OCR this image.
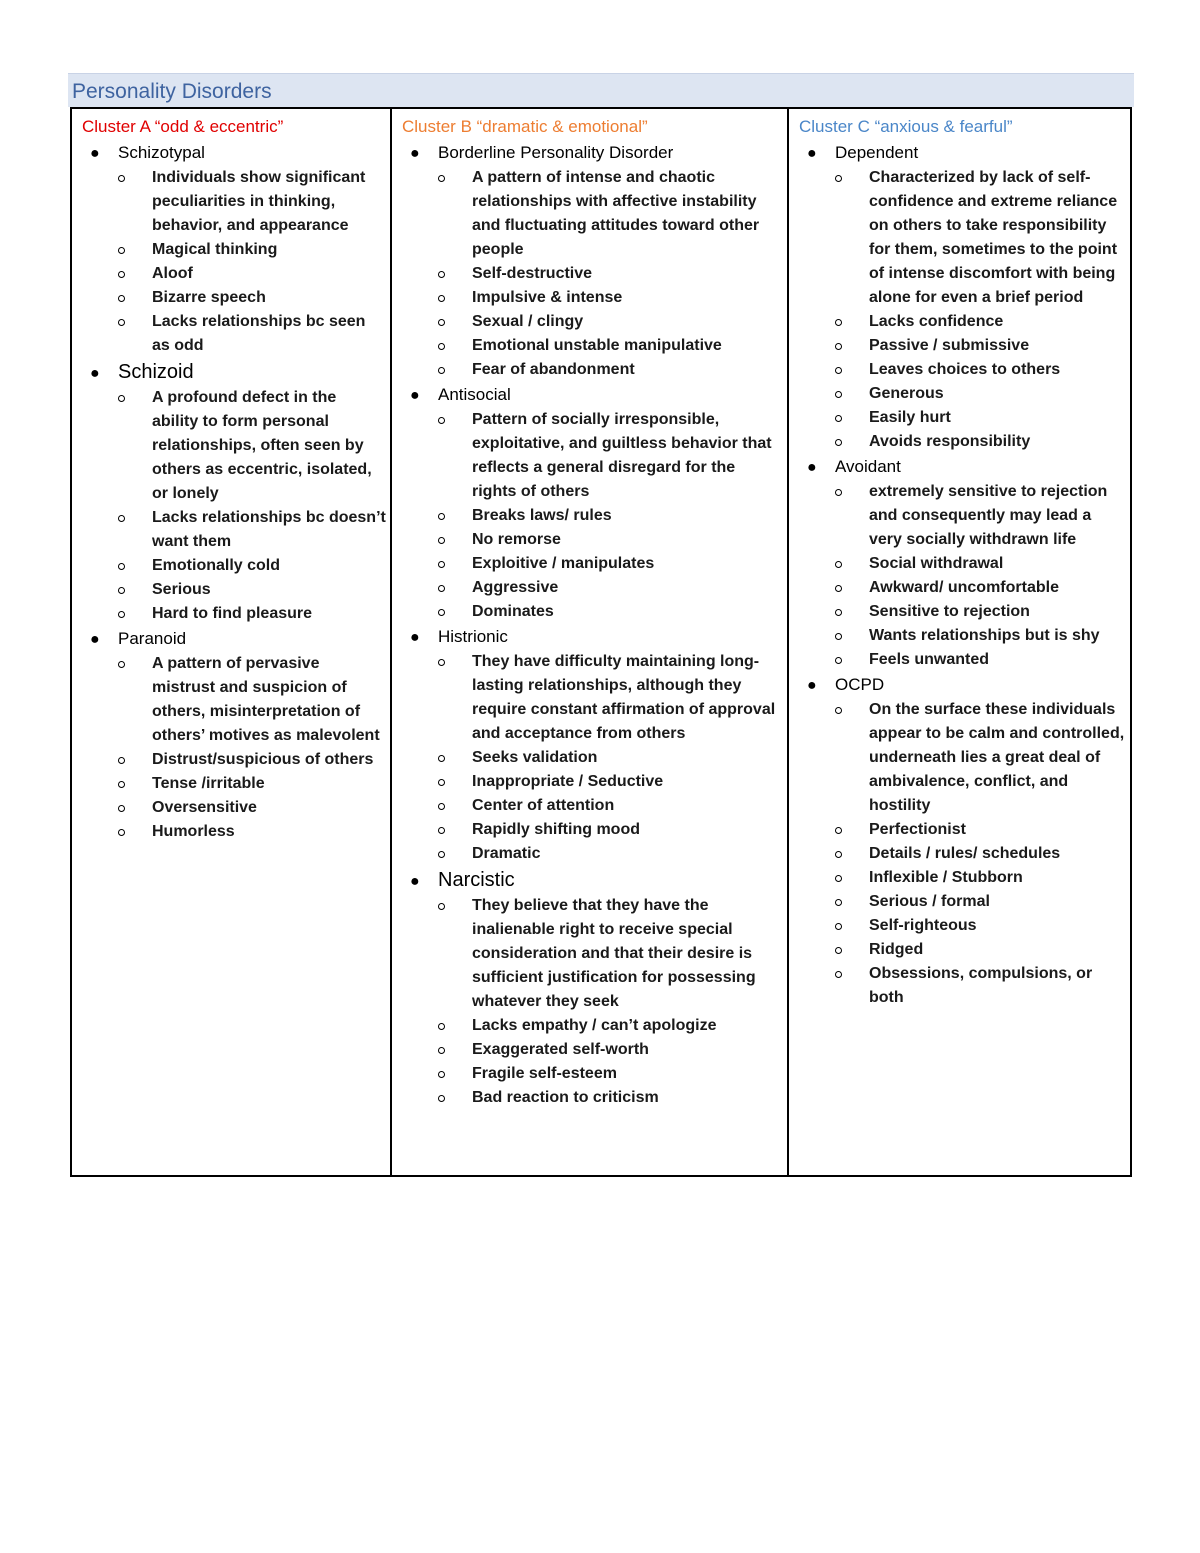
Personality Disorders
Cluster A “odd & eccentric”
●	Schizotypal
Individuals show significant peculiarities in thinking, behavior, and appearance
Magical thinking
Aloof
Bizarre speech
Lacks relationships bc seen as odd
● Schizoid
A profound defect in the ability to form personal relationships, often seen by others as eccentric, isolated, or lonely
Lacks relationships bc doesn’t want them
Emotionally cold
Serious
Hard to find pleasure
●	Paranoid
A pattern of pervasive mistrust and suspicion of others, misinterpretation of others’ motives as malevolent
Distrust/suspicious of others
Tense /irritable
Oversensitive
Humorless
Cluster B “dramatic & emotional”
●	Borderline Personality Disorder
A pattern of intense and chaotic relationships with affective instability and fluctuating attitudes toward other people
Self-destructive
Impulsive & intense
Sexual / clingy
Emotional unstable manipulative
Fear of abandonment
●	Antisocial
Pattern of socially irresponsible, exploitative, and guiltless behavior that reflects a general disregard for the rights of others
Breaks laws/ rules
No remorse
Exploitive / manipulates
Aggressive
Dominates
●	Histrionic
They have difficulty maintaining long-lasting relationships, although they require constant affirmation of approval and acceptance from others
Seeks validation
Inappropriate / Seductive
Center of attention
Rapidly shifting mood
Dramatic
● Narcistic
They believe that they have the inalienable right to receive special consideration and that their desire is sufficient justification for possessing whatever they seek
Lacks empathy / can’t apologize
Exaggerated self-worth
Fragile self-esteem
Bad reaction to criticism
Cluster C “anxious & fearful”
●	Dependent
Characterized by lack of self-confidence and extreme reliance on others to take responsibility for them, sometimes to the point of intense discomfort with being alone for even a brief period
Lacks confidence
Passive / submissive
Leaves choices to others
Generous
Easily hurt
Avoids responsibility
●	Avoidant
extremely sensitive to rejection and consequently may lead a very socially withdrawn life
Social withdrawal
Awkward/ uncomfortable
Sensitive to rejection
Wants relationships but is shy
Feels unwanted
●	OCPD
On the surface these individuals appear to be calm and controlled, underneath lies a great deal of ambivalence, conflict, and hostility
Perfectionist
Details / rules/ schedules
Inflexible / Stubborn
Serious / formal
Self-righteous
Ridged
Obsessions, compulsions, or both
